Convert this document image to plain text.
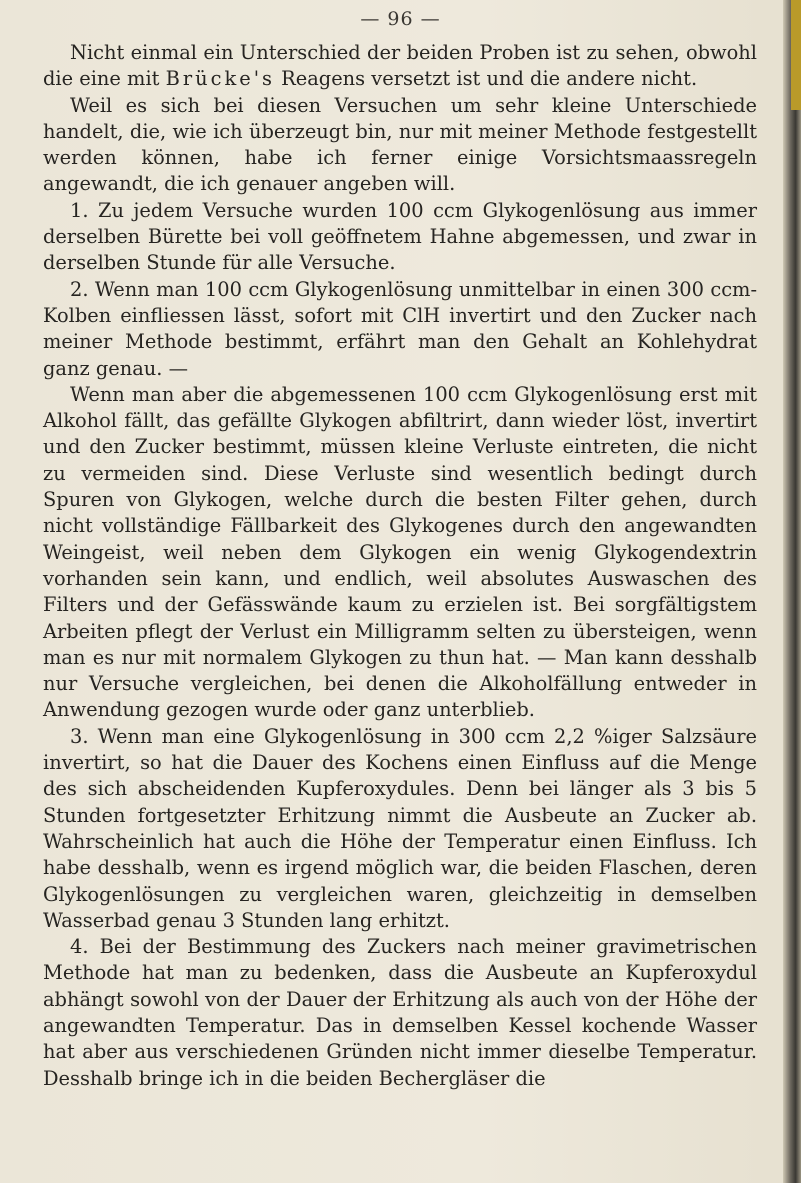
— 96 —

Nicht einmal ein Unterschied der beiden Proben ist zu sehen, obwohl die eine mit Brücke's Reagens versetzt ist und die andere nicht.

Weil es sich bei diesen Versuchen um sehr kleine Unterschiede handelt, die, wie ich überzeugt bin, nur mit meiner Methode festgestellt werden können, habe ich ferner einige Vorsichtsmaassregeln angewandt, die ich genauer angeben will.

1. Zu jedem Versuche wurden 100 ccm Glykogenlösung aus immer derselben Bürette bei voll geöffnetem Hahne abgemessen, und zwar in derselben Stunde für alle Versuche.

2. Wenn man 100 ccm Glykogenlösung unmittelbar in einen 300 ccm-Kolben einfliessen lässt, sofort mit ClH invertirt und den Zucker nach meiner Methode bestimmt, erfährt man den Gehalt an Kohlehydrat ganz genau. —

Wenn man aber die abgemessenen 100 ccm Glykogenlösung erst mit Alkohol fällt, das gefällte Glykogen abfiltrirt, dann wieder löst, invertirt und den Zucker bestimmt, müssen kleine Verluste eintreten, die nicht zu vermeiden sind. Diese Verluste sind wesentlich bedingt durch Spuren von Glykogen, welche durch die besten Filter gehen, durch nicht vollständige Fällbarkeit des Glykogenes durch den angewandten Weingeist, weil neben dem Glykogen ein wenig Glykogendextrin vorhanden sein kann, und endlich, weil absolutes Auswaschen des Filters und der Gefässwände kaum zu erzielen ist. Bei sorgfältigstem Arbeiten pflegt der Verlust ein Milligramm selten zu übersteigen, wenn man es nur mit normalem Glykogen zu thun hat. — Man kann desshalb nur Versuche vergleichen, bei denen die Alkoholfällung entweder in Anwendung gezogen wurde oder ganz unterblieb.

3. Wenn man eine Glykogenlösung in 300 ccm 2,2 %iger Salzsäure invertirt, so hat die Dauer des Kochens einen Einfluss auf die Menge des sich abscheidenden Kupferoxydules. Denn bei länger als 3 bis 5 Stunden fortgesetzter Erhitzung nimmt die Ausbeute an Zucker ab. Wahrscheinlich hat auch die Höhe der Temperatur einen Einfluss. Ich habe desshalb, wenn es irgend möglich war, die beiden Flaschen, deren Glykogenlösungen zu vergleichen waren, gleichzeitig in demselben Wasserbad genau 3 Stunden lang erhitzt.

4. Bei der Bestimmung des Zuckers nach meiner gravimetrischen Methode hat man zu bedenken, dass die Ausbeute an Kupferoxydul abhängt sowohl von der Dauer der Erhitzung als auch von der Höhe der angewandten Temperatur. Das in demselben Kessel kochende Wasser hat aber aus verschiedenen Gründen nicht immer dieselbe Temperatur. Desshalb bringe ich in die beiden Bechergläser die
